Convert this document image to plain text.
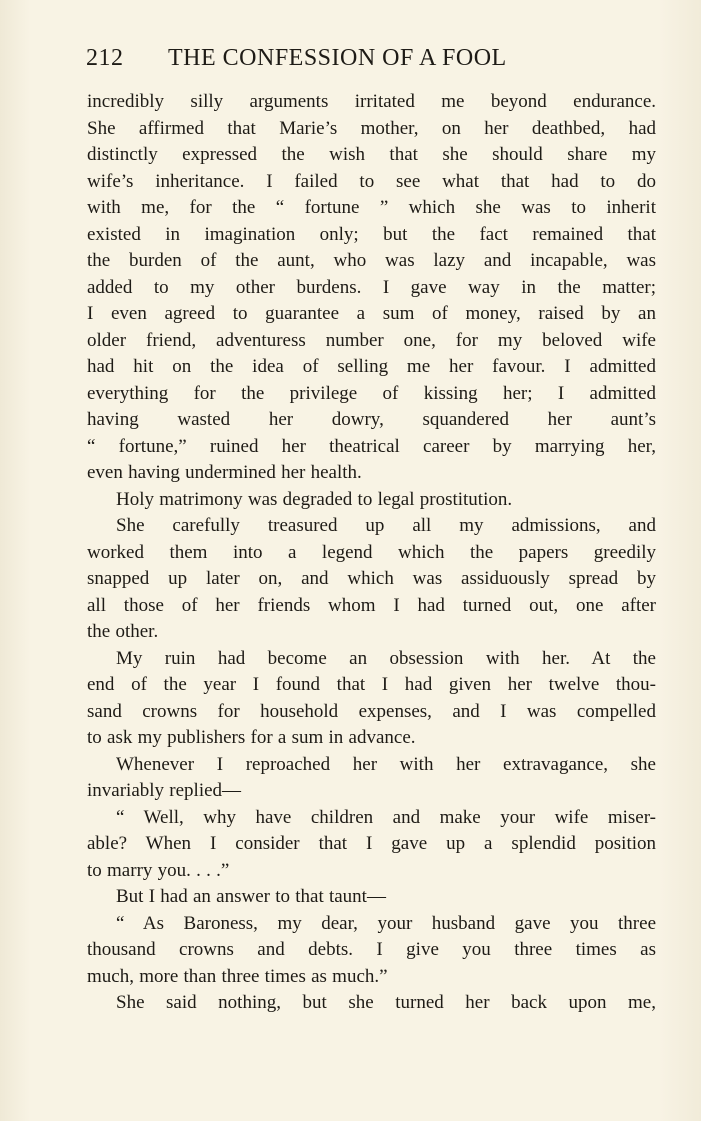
212 THE CONFESSION OF A FOOL
incredibly silly arguments irritated me beyond endurance.
She affirmed that Marie’s mother, on her deathbed, had
distinctly expressed the wish that she should share my
wife’s inheritance. I failed to see what that had to do
with me, for the “ fortune ” which she was to inherit
existed in imagination only; but the fact remained that
the burden of the aunt, who was lazy and incapable, was
added to my other burdens. I gave way in the matter;
I even agreed to guarantee a sum of money, raised by an
older friend, adventuress number one, for my beloved wife
had hit on the idea of selling me her favour. I admitted
everything for the privilege of kissing her; I admitted
having wasted her dowry, squandered her aunt’s
“ fortune,” ruined her theatrical career by marrying her,
even having undermined her health.
Holy matrimony was degraded to legal prostitution.
She carefully treasured up all my admissions, and
worked them into a legend which the papers greedily
snapped up later on, and which was assiduously spread by
all those of her friends whom I had turned out, one after
the other.
My ruin had become an obsession with her. At the
end of the year I found that I had given her twelve thou-
sand crowns for household expenses, and I was compelled
to ask my publishers for a sum in advance.
Whenever I reproached her with her extravagance, she
invariably replied—
“ Well, why have children and make your wife miser-
able? When I consider that I gave up a splendid position
to marry you. . . .”
But I had an answer to that taunt—
“ As Baroness, my dear, your husband gave you three
thousand crowns and debts. I give you three times as
much, more than three times as much.”
She said nothing, but she turned her back upon me,
